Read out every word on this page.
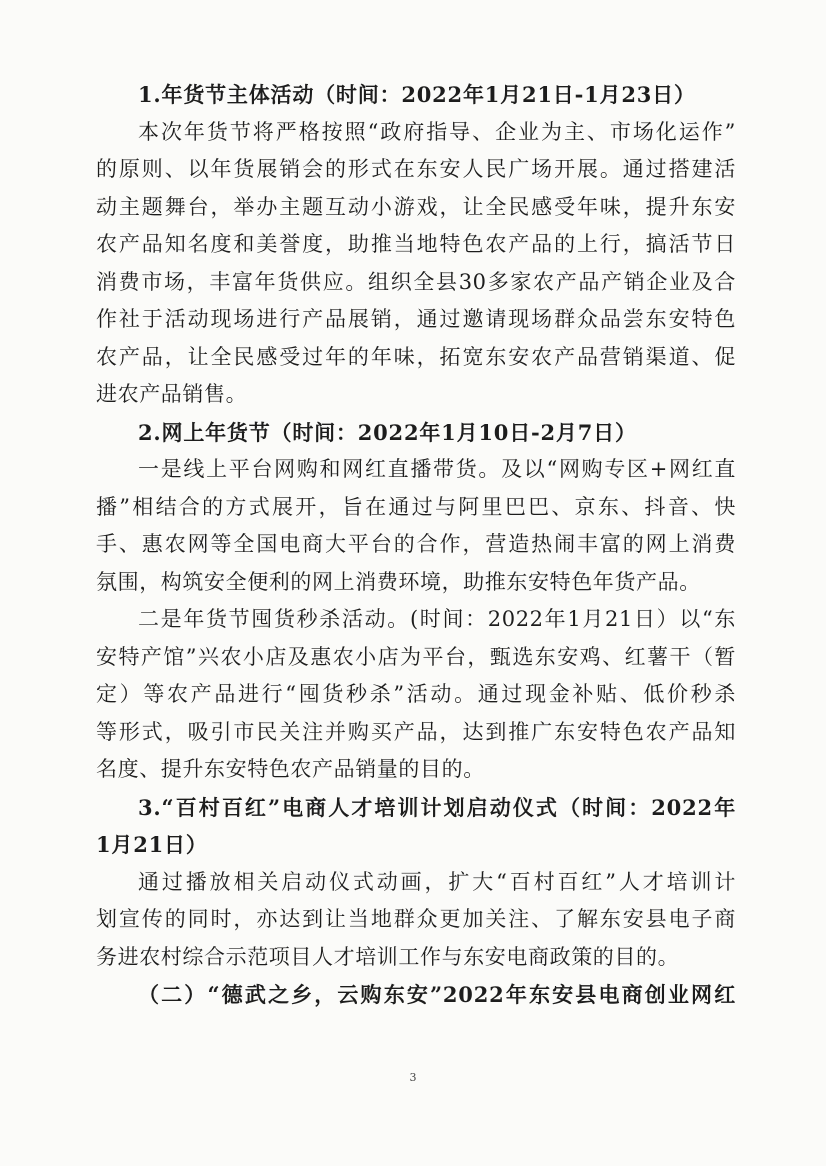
1.年货节主体活动（时间：2022年1月21日-1月23日）
本次年货节将严格按照“政府指导、企业为主、市场化运作”
的原则、以年货展销会的形式在东安人民广场开展。通过搭建活
动主题舞台，举办主题互动小游戏，让全民感受年味，提升东安
农产品知名度和美誉度，助推当地特色农产品的上行，搞活节日
消费市场，丰富年货供应。组织全县30多家农产品产销企业及合
作社于活动现场进行产品展销，通过邀请现场群众品尝东安特色
农产品，让全民感受过年的年味，拓宽东安农产品营销渠道、促
进农产品销售。
2.网上年货节（时间：2022年1月10日-2月7日）
一是线上平台网购和网红直播带货。及以“网购专区+网红直
播”相结合的方式展开，旨在通过与阿里巴巴、京东、抖音、快
手、惠农网等全国电商大平台的合作，营造热闹丰富的网上消费
氛围，构筑安全便利的网上消费环境，助推东安特色年货产品。
二是年货节囤货秒杀活动。(时间：2022年1月21日）以“东
安特产馆”兴农小店及惠农小店为平台，甄选东安鸡、红薯干（暂
定）等农产品进行“囤货秒杀”活动。通过现金补贴、低价秒杀
等形式，吸引市民关注并购买产品，达到推广东安特色农产品知
名度、提升东安特色农产品销量的目的。
3.“百村百红”电商人才培训计划启动仪式（时间：2022年
1月21日）
通过播放相关启动仪式动画，扩大“百村百红”人才培训计
划宣传的同时，亦达到让当地群众更加关注、了解东安县电子商
务进农村综合示范项目人才培训工作与东安电商政策的目的。
（二）“德武之乡，云购东安”2022年东安县电商创业网红
3
